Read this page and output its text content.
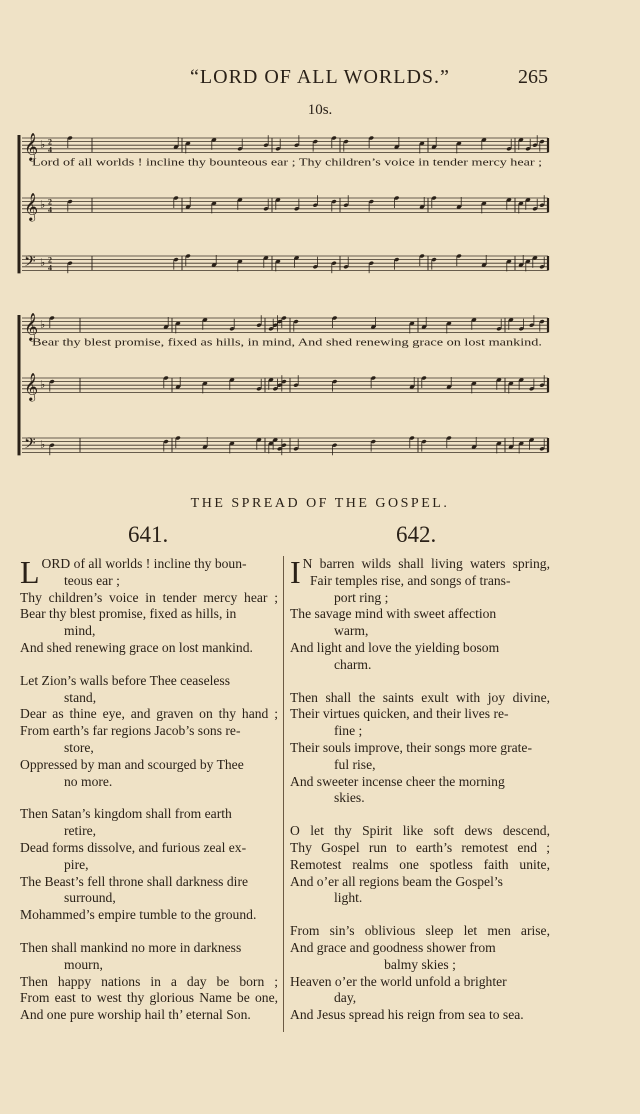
“LORD OF ALL WORLDS.”	265
10s.
𝄞 ♭ 2
4
𝄞 ♭ 2
4
𝄢 ♭ 2
4
Lord of all worlds ! incline thy bounteous ear ; Thy children’s voice in tender mercy hear ;
𝄞 ♭
𝄞 ♭
𝄢 ♭
Bear thy blest promise, fixed as hills, in mind, And shed renewing grace on lost mankind.
THE SPREAD OF THE GOSPEL.
641.	642.
LORD of all worlds ! incline thy boun-
teous ear ;
Thy children’s voice in tender mercy hear ;
Bear thy blest promise, fixed as hills, in
mind,
And shed renewing grace on lost mankind.
Let Zion’s walls before Thee ceaseless
stand,
Dear as thine eye, and graven on thy hand ;
From earth’s far regions Jacob’s sons re-
store,
Oppressed by man and scourged by Thee
no more.
Then Satan’s kingdom shall from earth
retire,
Dead forms dissolve, and furious zeal ex-
pire,
The Beast’s fell throne shall darkness dire
surround,
Mohammed’s empire tumble to the ground.
Then shall mankind no more in darkness
mourn,
Then happy nations in a day be born ;
From east to west thy glorious Name be one,
And one pure worship hail th’ eternal Son.
I N barren wilds shall living waters spring,
Fair temples rise, and songs of trans-
port ring ;
The savage mind with sweet affection
warm,
And light and love the yielding bosom
charm.
Then shall the saints exult with joy divine,
Their virtues quicken, and their lives re-
fine ;
Their souls improve, their songs more grate-
ful rise,
And sweeter incense cheer the morning
skies.
O let thy Spirit like soft dews descend,
Thy Gospel run to earth’s remotest end ;
Remotest realms one spotless faith unite,
And o’er all regions beam the Gospel’s
light.
From sin’s oblivious sleep let men arise,
And grace and goodness shower from
balmy skies ;
Heaven o’er the world unfold a brighter
day,
And Jesus spread his reign from sea to sea.
